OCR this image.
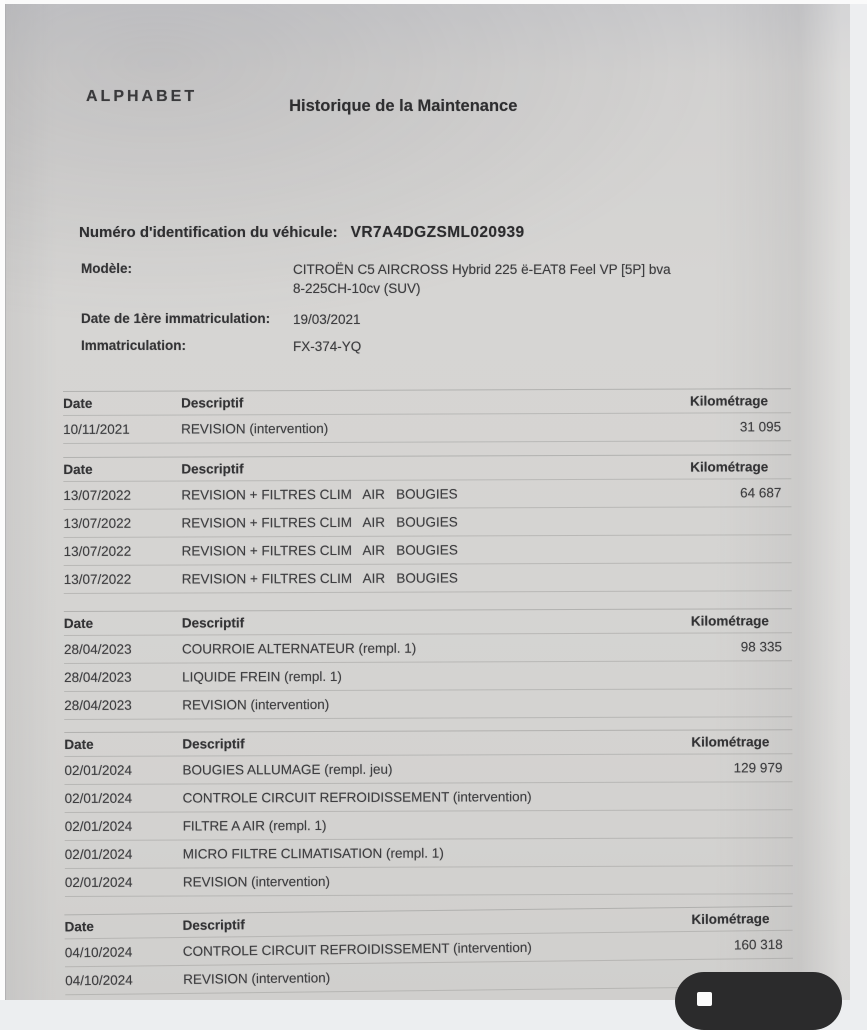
ALPHABET
Historique de la Maintenance
Numéro d'identification du véhicule: VR7A4DGZSML020939
Modèle:	CITROËN C5 AIRCROSS Hybrid 225 ë-EAT8 Feel VP [5P] bva
8-225CH-10cv (SUV)
Date de 1ère immatriculation:	19/03/2021
Immatriculation:	FX-374-YQ
Date	Descriptif	Kilométrage
10/11/2021	REVISION (intervention)	31 095
Date	Descriptif	Kilométrage
13/07/2022	REVISION + FILTRES CLIM   AIR   BOUGIES	64 687
13/07/2022	REVISION + FILTRES CLIM   AIR   BOUGIES
13/07/2022	REVISION + FILTRES CLIM   AIR   BOUGIES
13/07/2022	REVISION + FILTRES CLIM   AIR   BOUGIES
Date	Descriptif	Kilométrage
28/04/2023	COURROIE ALTERNATEUR (rempl. 1)	98 335
28/04/2023	LIQUIDE FREIN (rempl. 1)
28/04/2023	REVISION (intervention)
Date	Descriptif	Kilométrage
02/01/2024	BOUGIES ALLUMAGE (rempl. jeu)	129 979
02/01/2024	CONTROLE CIRCUIT REFROIDISSEMENT (intervention)
02/01/2024	FILTRE A AIR (rempl. 1)
02/01/2024	MICRO FILTRE CLIMATISATION (rempl. 1)
02/01/2024	REVISION (intervention)
Date	Descriptif	Kilométrage
04/10/2024	CONTROLE CIRCUIT REFROIDISSEMENT (intervention)	160 318
04/10/2024	REVISION (intervention)
